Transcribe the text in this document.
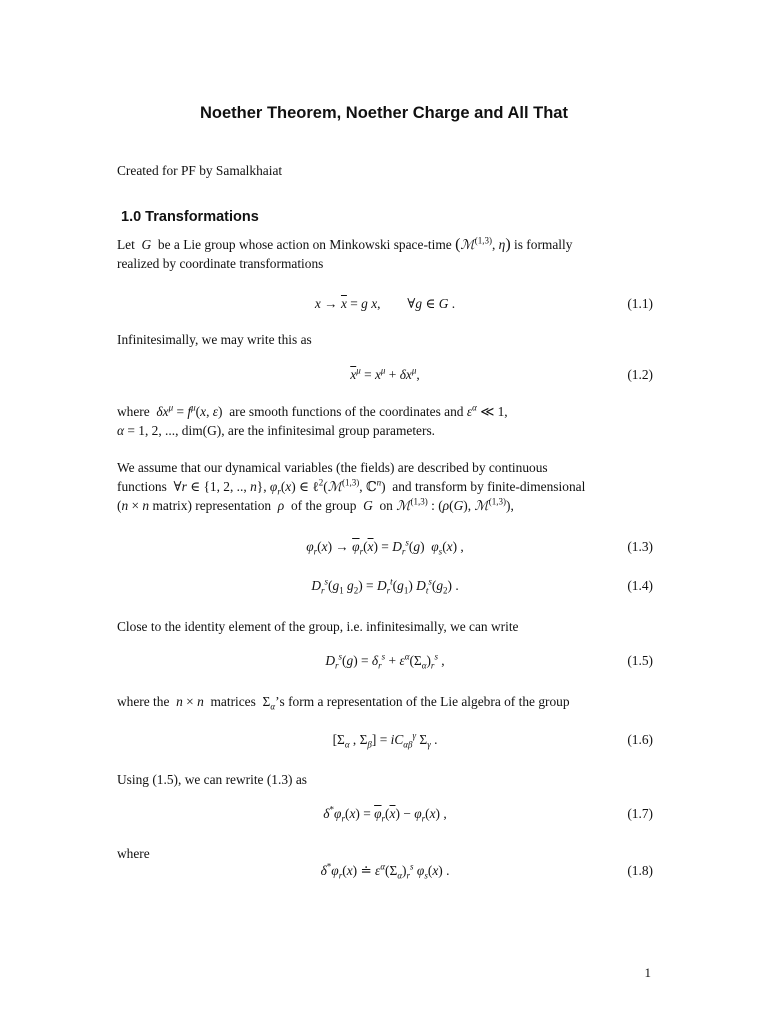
Noether Theorem, Noether Charge and All That
Created for PF by Samalkhaiat
1.0 Transformations
Let G be a Lie group whose action on Minkowski space-time (ℳ$^{(1,3)}$, η) is formally
realized by coordinate transformations
$x \to \overline{x} = g$ x,        ∀g ∈ G .	(1.1)
Infinitesimally, we may write this as
$\overline{x}^\mu = x^\mu + \delta x^\mu$,	(1.2)
where $\delta x^\mu = f^\mu(x$, ε)  are smooth functions of the coordinates and $\varepsilon^\alpha$ ≪ 1,
α = 1, 2, ..., dim(G), are the infinitesimal group parameters.
We assume that our dynamical variables (the fields) are described by continuous
functions  ∀r ∈ {1, 2, .., n}, $\varphi_r(x)$ ∈ ℓ$^2$(ℳ$^{(1,3)}$, ℂ$^n$)  and transform by finite-dimensional
(n × n matrix) representation ρ of the group G on ℳ$^{(1,3)}$ : (ρ(G), ℳ$^{(1,3)}$),
$\varphi_r(x) \to \overline{\varphi}_r(\overline{x}) = D_r^s(g)$  $\varphi_s(x)$ ,	(1.3)
$D_r^s(g_1$ $g_2) = D_r^t(g_1)$ $D_t^s(g_2)$ .	(1.4)
Close to the identity element of the group, i.e. infinitesimally, we can write
$D_r^s(g) = \delta_r^s + \varepsilon^\alpha(\Sigma_\alpha)_r^s$ ,	(1.5)
where the n × n matrices  $\Sigma_\alpha’s$ form a representation of the Lie algebra of the group
[$\Sigma_\alpha$ , $\Sigma_\beta] = iC_{\alpha\beta}^\gamma$ $\Sigma_\gamma$ .	(1.6)
Using (1.5), we can rewrite (1.3) as
$\delta^*\varphi_r(x) = \overline{\varphi}_r(\overline{x}) - \varphi_r(x)$ ,	(1.7)
where
$\delta^*\varphi_r(x)$ ≐ $\varepsilon^\alpha(\Sigma_\alpha)_r^s$ $\varphi_s(x)$ .	(1.8)
1
